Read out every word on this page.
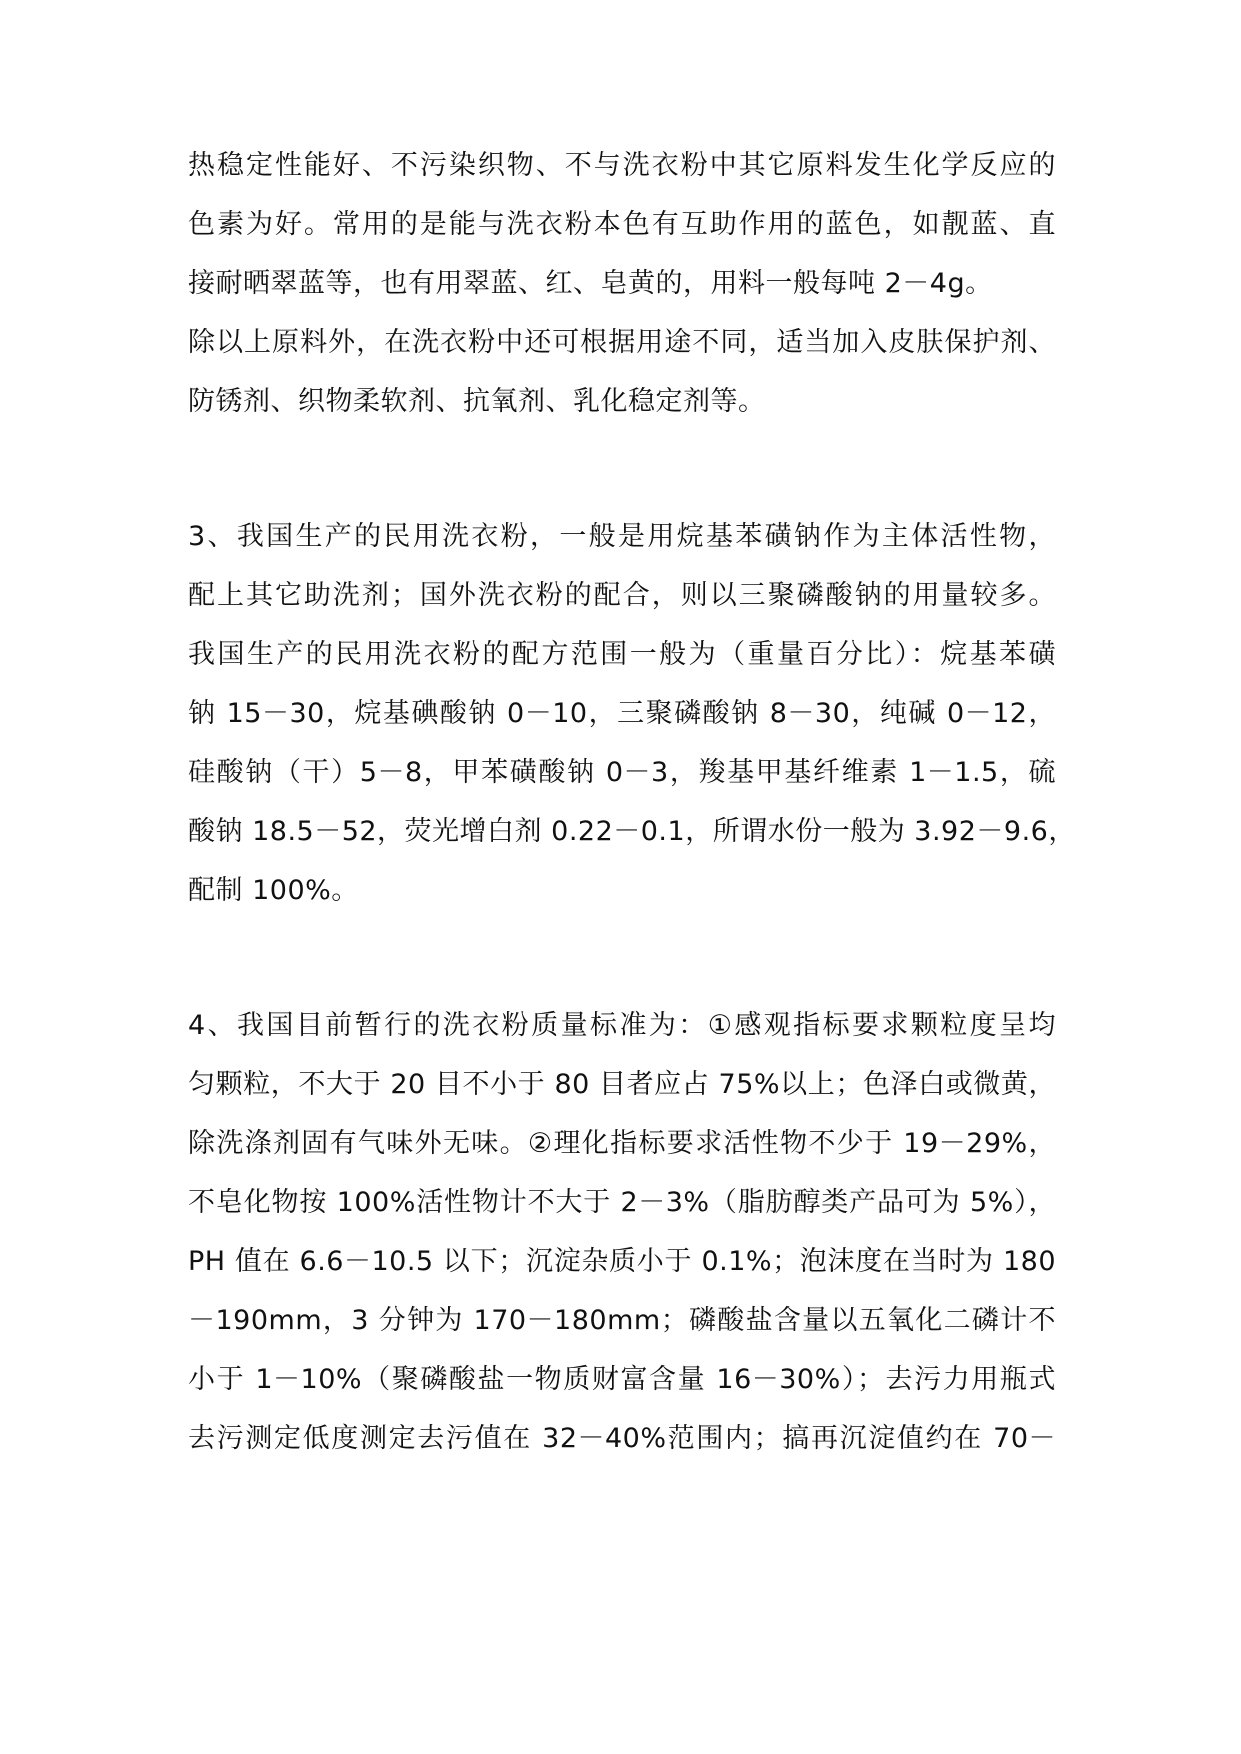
热稳定性能好、不污染织物、不与洗衣粉中其它原料发生化学反应的
色素为好。常用的是能与洗衣粉本色有互助作用的蓝色，如靓蓝、直
接耐晒翠蓝等，也有用翠蓝、红、皂黄的，用料一般每吨 2－4g。
除以上原料外，在洗衣粉中还可根据用途不同，适当加入皮肤保护剂、
防锈剂、织物柔软剂、抗氧剂、乳化稳定剂等。
3、我国生产的民用洗衣粉，一般是用烷基苯磺钠作为主体活性物，
配上其它助洗剂；国外洗衣粉的配合，则以三聚磷酸钠的用量较多。
我国生产的民用洗衣粉的配方范围一般为（重量百分比）：烷基苯磺
钠 15－30，烷基碘酸钠 0－10，三聚磷酸钠 8－30，纯碱 0－12，
硅酸钠（干）5－8，甲苯磺酸钠 0－3，羧基甲基纤维素 1－1.5，硫
酸钠 18.5－52，荧光增白剂 0.22－0.1，所谓水份一般为 3.92－9.6，
配制 100%。
4、我国目前暂行的洗衣粉质量标准为：①感观指标要求颗粒度呈均
匀颗粒，不大于 20 目不小于 80 目者应占 75%以上；色泽白或微黄，
除洗涤剂固有气味外无味。②理化指标要求活性物不少于 19－29%，
不皂化物按 100%活性物计不大于 2－3%（脂肪醇类产品可为 5%），
PH 值在 6.6－10.5 以下；沉淀杂质小于 0.1%；泡沫度在当时为 180
－190mm，3 分钟为 170－180mm；磷酸盐含量以五氧化二磷计不
小于 1－10%（聚磷酸盐一物质财富含量 16－30%）；去污力用瓶式
去污测定低度测定去污值在 32－40%范围内；搞再沉淀值约在 70－
